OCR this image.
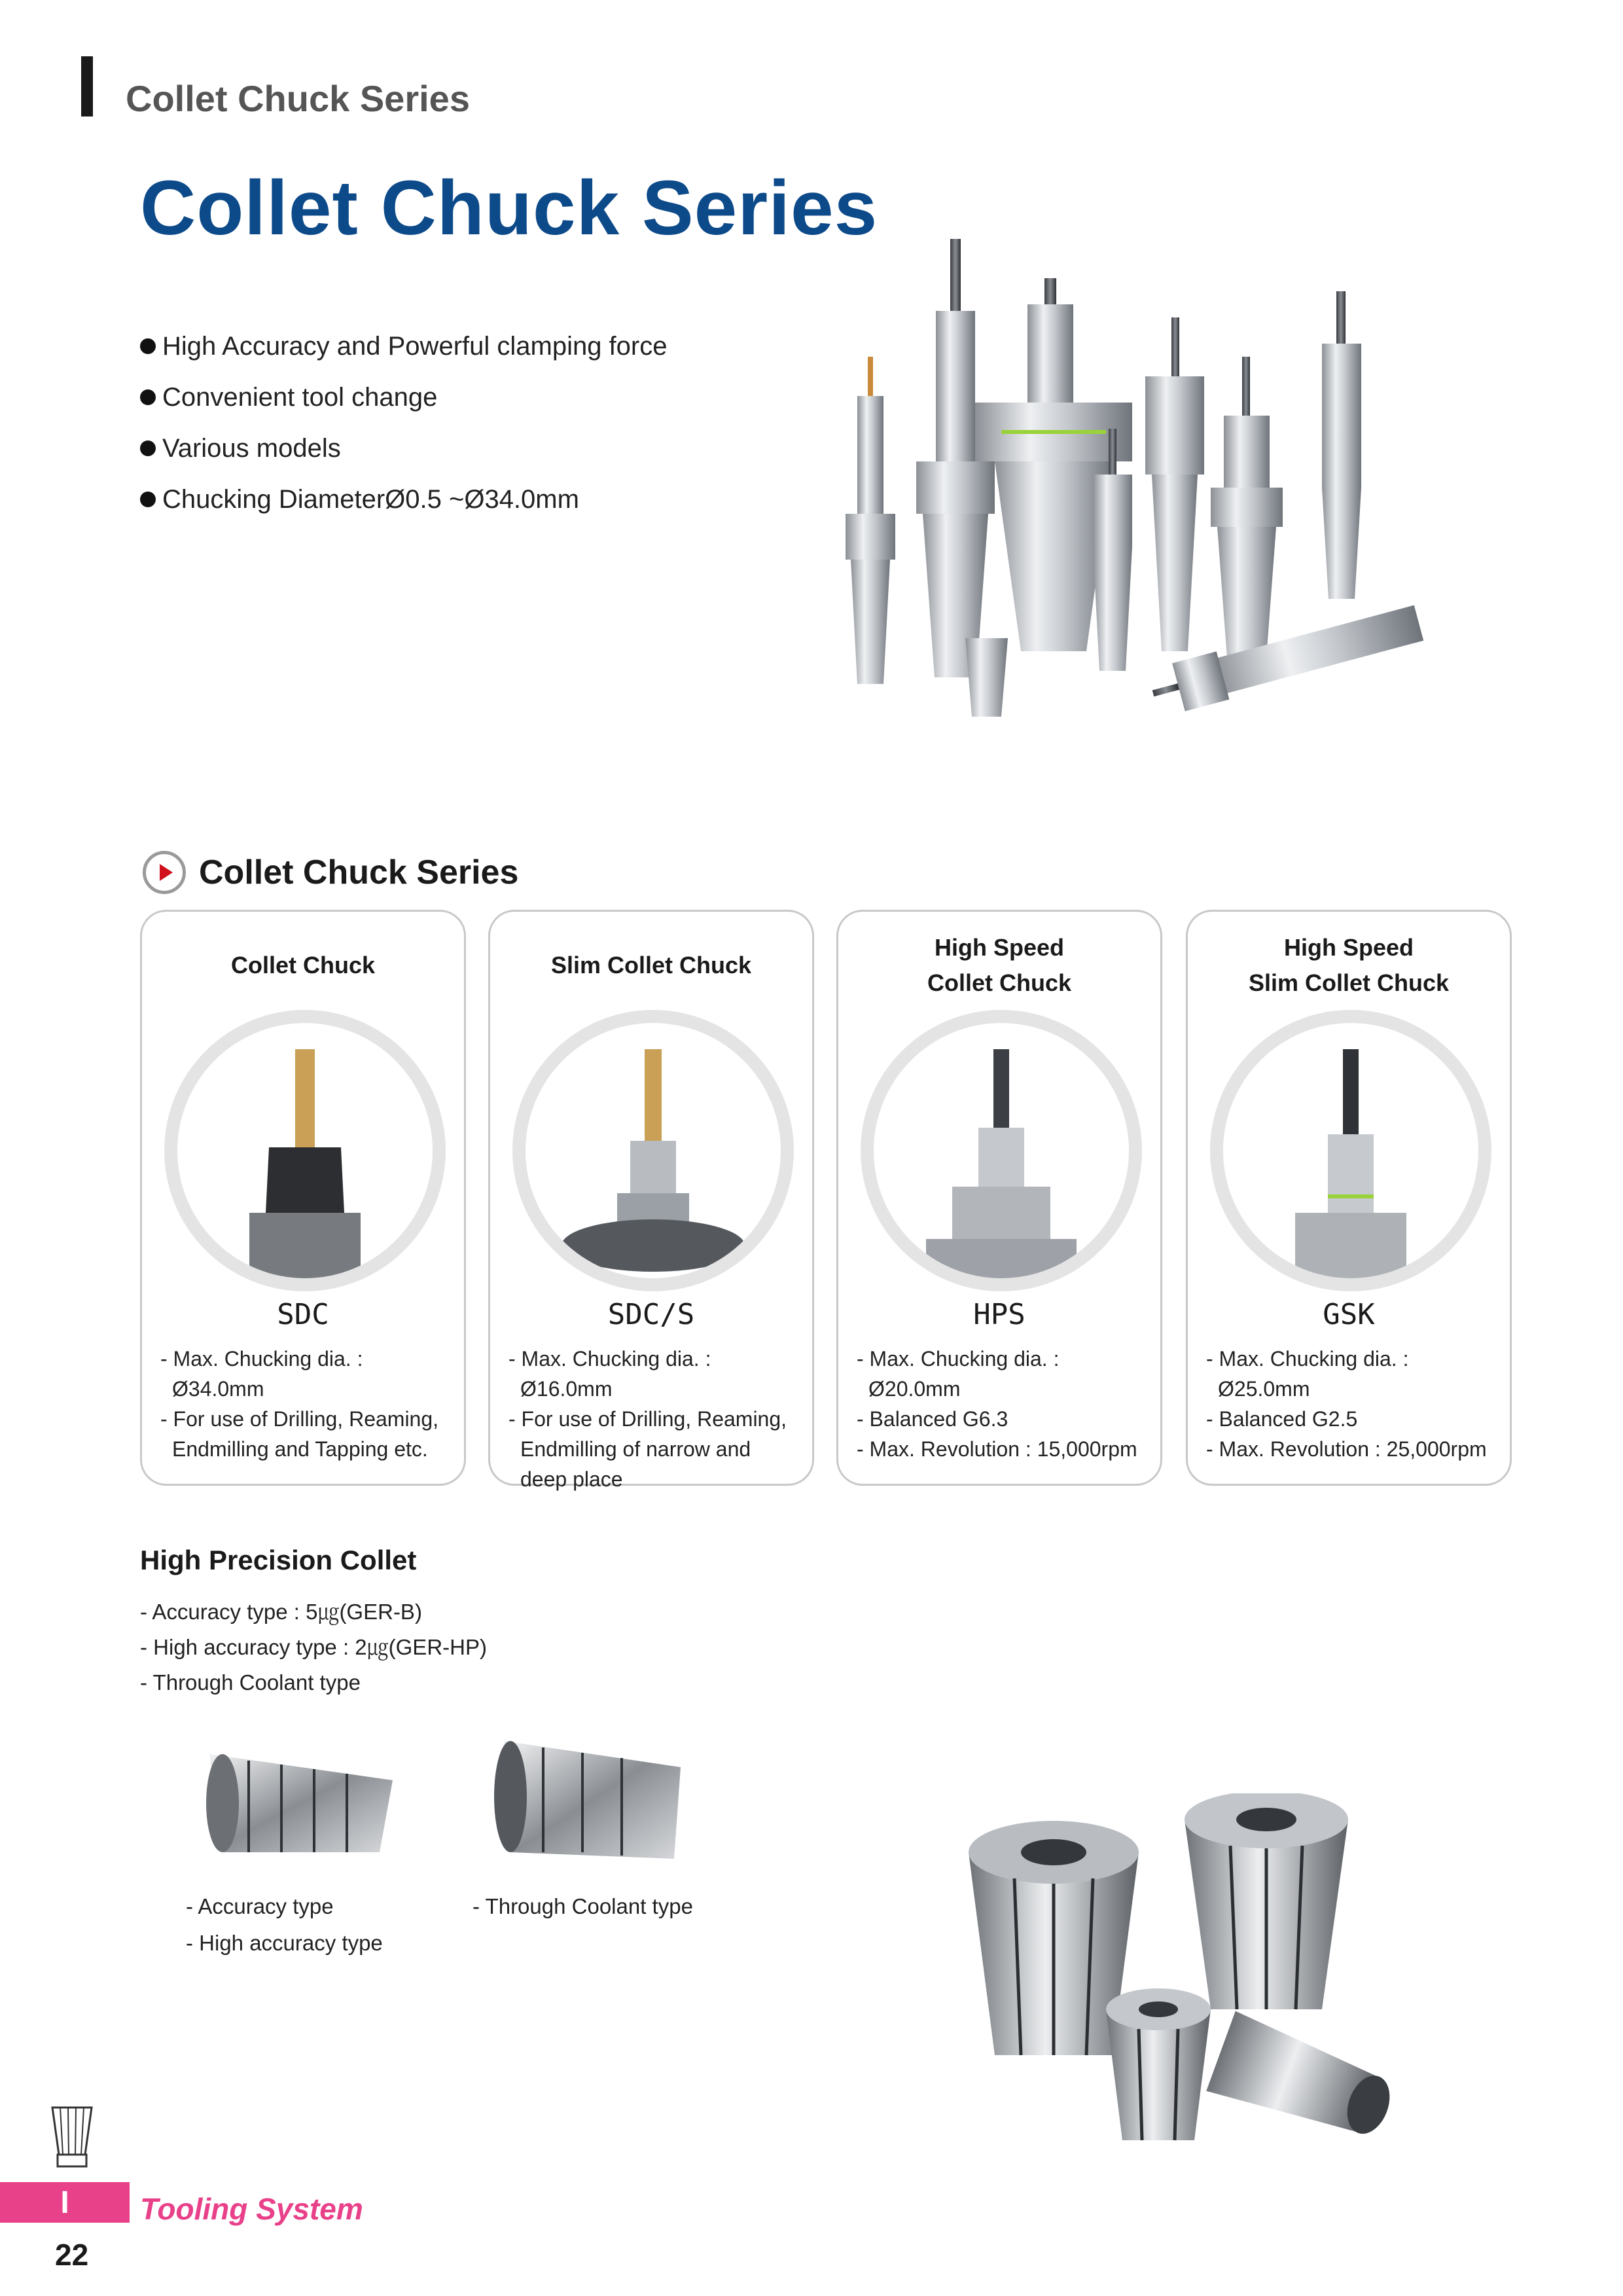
Collet Chuck Series
Collet Chuck Series
High Accuracy and Powerful clamping force
Convenient tool change
Various models
Chucking DiameterØ0.5 ~Ø34.0mm
Collet Chuck Series
Collet Chuck
SDC
- Max. Chucking dia. : Ø34.0mm
- For use of Drilling, Reaming, Endmilling and Tapping etc.
Slim Collet Chuck
SDC/S
- Max. Chucking dia. : Ø16.0mm
- For use of Drilling, Reaming, Endmilling of narrow and deep place
High Speed
Collet Chuck
HPS
- Max. Chucking dia. : Ø20.0mm
- Balanced G6.3
- Max. Revolution : 15,000rpm
High Speed
Slim Collet Chuck
GSK
- Max. Chucking dia. : Ø25.0mm
- Balanced G2.5
- Max. Revolution : 25,000rpm
High Precision Collet
- Accuracy type : 5㎍(GER-B)
- High accuracy type : 2㎍(GER-HP)
- Through Coolant type
- Accuracy type
- High accuracy type
- Through Coolant type
I	Tooling System
22
